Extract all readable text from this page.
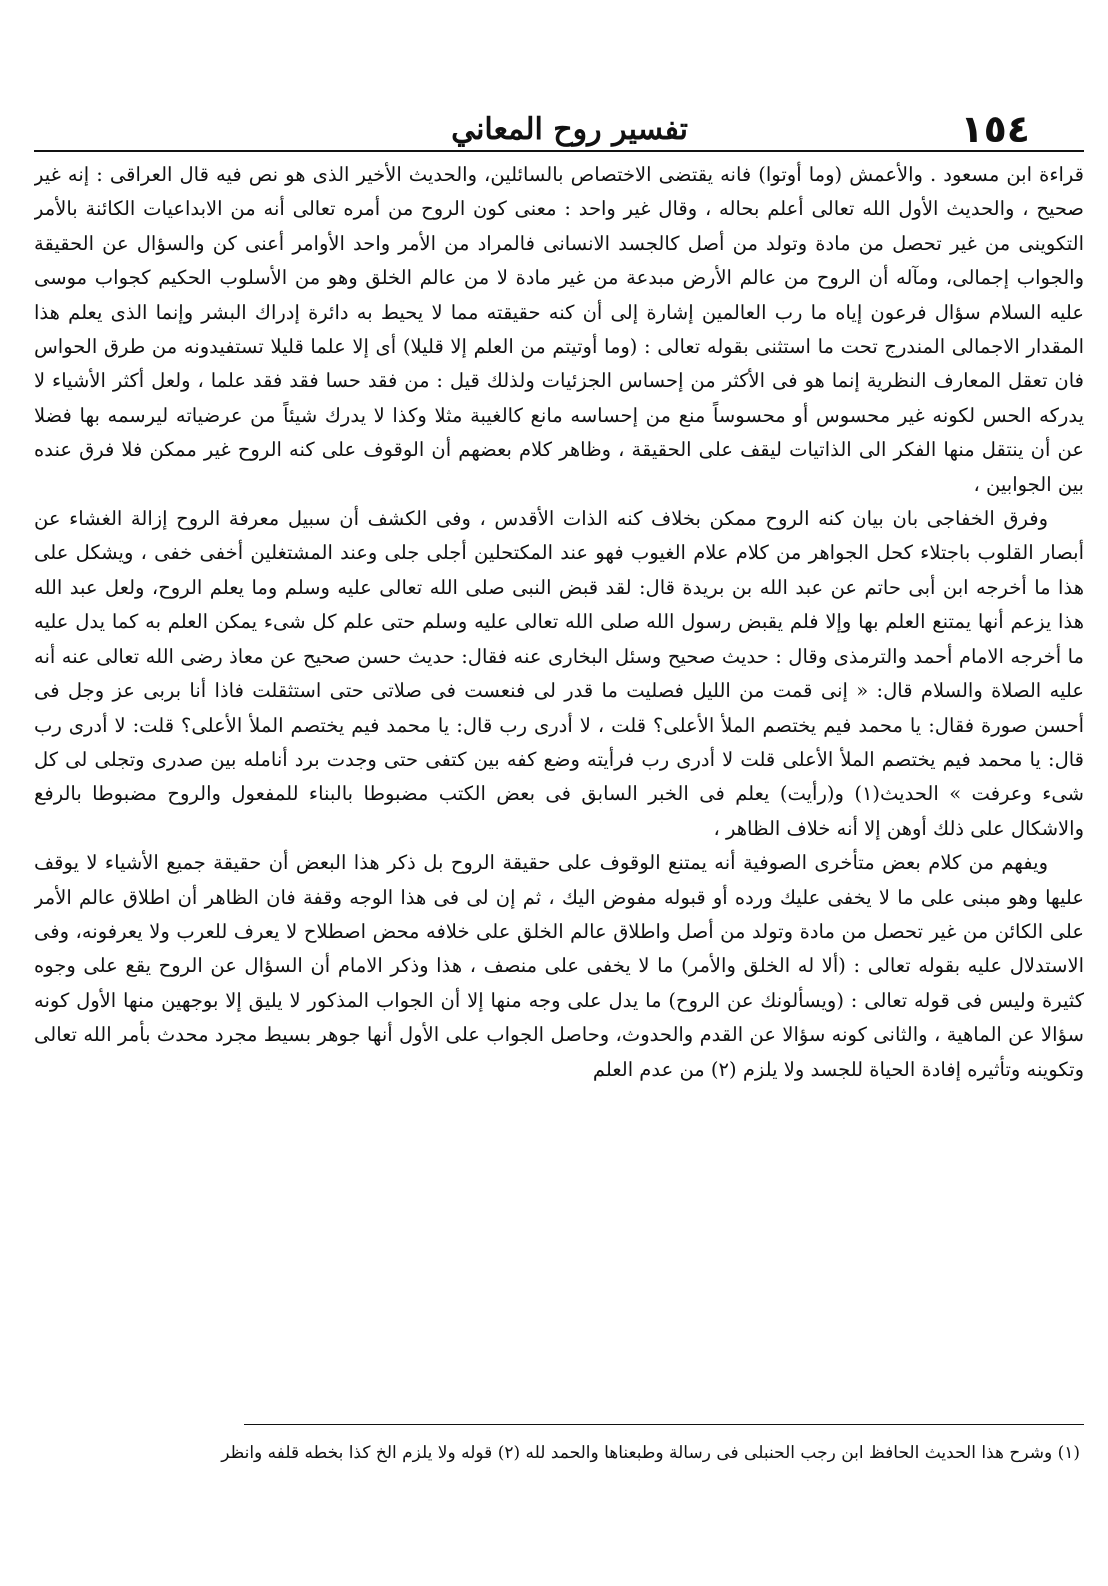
١٥٤
تفسير روح المعاني

قراءة ابن مسعود . والأعمش (وما أوتوا) فانه يقتضى الاختصاص بالسائلين، والحديث الأخير الذى هو نص فيه قال العراقى : إنه غير صحيح ، والحديث الأول الله تعالى أعلم بحاله ، وقال غير واحد : معنى كون الروح من أمره تعالى أنه من الابداعيات الكائنة بالأمر التكوينى من غير تحصل من مادة وتولد من أصل كالجسد الانسانى فالمراد من الأمر واحد الأوامر أعنى كن والسؤال عن الحقيقة والجواب إجمالى، ومآله أن الروح من عالم الأرض مبدعة من غير مادة لا من عالم الخلق وهو من الأسلوب الحكيم كجواب موسى عليه السلام سؤال فرعون إياه ما رب العالمين إشارة إلى أن كنه حقيقته مما لا يحيط به دائرة إدراك البشر وإنما الذى يعلم هذا المقدار الاجمالى المندرج تحت ما استثنى بقوله تعالى : (وما أوتيتم من العلم إلا قليلا) أى إلا علما قليلا تستفيدونه من طرق الحواس فان تعقل المعارف النظرية إنما هو فى الأكثر من إحساس الجزئيات ولذلك قيل : من فقد حسا فقد فقد علما ، ولعل أكثر الأشياء لا يدركه الحس لكونه غير محسوس أو محسوساً منع من إحساسه مانع كالغيبة مثلا وكذا لا يدرك شيئاً من عرضياته ليرسمه بها فضلا عن أن ينتقل منها الفكر الى الذاتيات ليقف على الحقيقة ، وظاهر كلام بعضهم أن الوقوف على كنه الروح غير ممكن فلا فرق عنده بين الجوابين ،

وفرق الخفاجى بان بيان كنه الروح ممكن بخلاف كنه الذات الأقدس ، وفى الكشف أن سبيل معرفة الروح إزالة الغشاء عن أبصار القلوب باجتلاء كحل الجواهر من كلام علام الغيوب فهو عند المكتحلين أجلى جلى وعند المشتغلين أخفى خفى ، ويشكل على هذا ما أخرجه ابن أبى حاتم عن عبد الله بن بريدة قال: لقد قبض النبى صلى الله تعالى عليه وسلم وما يعلم الروح، ولعل عبد الله هذا يزعم أنها يمتنع العلم بها وإلا فلم يقبض رسول الله صلى الله تعالى عليه وسلم حتى علم كل شىء يمكن العلم به كما يدل عليه ما أخرجه الامام أحمد والترمذى وقال : حديث صحيح وسئل البخارى عنه فقال: حديث حسن صحيح عن معاذ رضى الله تعالى عنه أنه عليه الصلاة والسلام قال: « إنى قمت من الليل فصليت ما قدر لى فنعست فى صلاتى حتى استثقلت فاذا أنا بربى عز وجل فى أحسن صورة فقال: يا محمد فيم يختصم الملأ الأعلى؟ قلت ، لا أدرى رب قال: يا محمد فيم يختصم الملأ الأعلى؟ قلت: لا أدرى رب قال: يا محمد فيم يختصم الملأ الأعلى قلت لا أدرى رب فرأيته وضع كفه بين كتفى حتى وجدت برد أنامله بين صدرى وتجلى لى كل شىء وعرفت » الحديث(١) و(رأيت) يعلم فى الخبر السابق فى بعض الكتب مضبوطا بالبناء للمفعول والروح مضبوطا بالرفع والاشكال على ذلك أوهن إلا أنه خلاف الظاهر ،

ويفهم من كلام بعض متأخرى الصوفية أنه يمتنع الوقوف على حقيقة الروح بل ذكر هذا البعض أن حقيقة جميع الأشياء لا يوقف عليها وهو مبنى على ما لا يخفى عليك ورده أو قبوله مفوض اليك ، ثم إن لى فى هذا الوجه وقفة فان الظاهر أن اطلاق عالم الأمر على الكائن من غير تحصل من مادة وتولد من أصل واطلاق عالم الخلق على خلافه محض اصطلاح لا يعرف للعرب ولا يعرفونه، وفى الاستدلال عليه بقوله تعالى : (ألا له الخلق والأمر) ما لا يخفى على منصف ، هذا وذكر الامام أن السؤال عن الروح يقع على وجوه كثيرة وليس فى قوله تعالى : (ويسألونك عن الروح) ما يدل على وجه منها إلا أن الجواب المذكور لا يليق إلا بوجهين منها الأول كونه سؤالا عن الماهية ، والثانى كونه سؤالا عن القدم والحدوث، وحاصل الجواب على الأول أنها جوهر بسيط مجرد محدث بأمر الله تعالى وتكوينه وتأثيره إفادة الحياة للجسد ولا يلزم (٢) من عدم العلم

(١) وشرح هذا الحديث الحافظ ابن رجب الحنبلى فى رسالة وطبعناها والحمد لله (٢) قوله ولا يلزم الخ كذا بخطه قلفه وانظر
